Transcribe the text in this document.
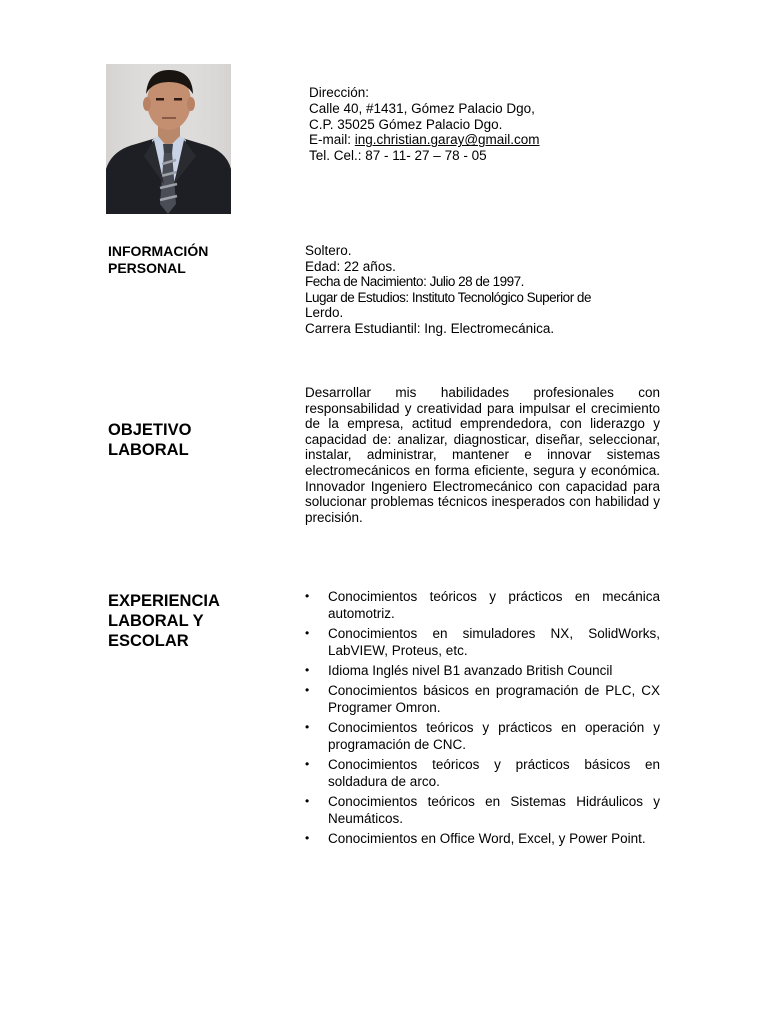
Dirección:
Calle 40, #1431, Gómez Palacio Dgo,
C.P. 35025 Gómez Palacio Dgo.
E-mail: ing.christian.garay@gmail.com
Tel. Cel.: 87 - 11- 27 – 78 - 05
INFORMACIÓN
PERSONAL
Soltero.
Edad: 22 años.
Fecha de Nacimiento: Julio 28 de 1997.
Lugar de Estudios: Instituto Tecnológico Superior de
Lerdo.
Carrera Estudiantil: Ing. Electromecánica.
OBJETIVO
LABORAL
Desarrollar mis habilidades profesionales con responsabilidad y creatividad para impulsar el crecimiento de la empresa, actitud emprendedora, con liderazgo y capacidad de: analizar, diagnosticar, diseñar, seleccionar, instalar, administrar, mantener e innovar sistemas electromecánicos en forma eficiente, segura y económica. Innovador Ingeniero Electromecánico con capacidad para solucionar problemas técnicos inesperados con habilidad y precisión.
EXPERIENCIA
LABORAL Y
ESCOLAR
•	Conocimientos teóricos y prácticos en mecánica automotriz.
•	Conocimientos en simuladores NX, SolidWorks, LabVIEW, Proteus, etc.
•	Idioma Inglés nivel B1 avanzado British Council
•	Conocimientos básicos en programación de PLC, CX Programer Omron.
•	Conocimientos teóricos y prácticos en operación y programación de CNC.
•	Conocimientos teóricos y prácticos básicos en soldadura de arco.
•	Conocimientos teóricos en Sistemas Hidráulicos y Neumáticos.
•	Conocimientos en Office Word, Excel, y Power Point.
